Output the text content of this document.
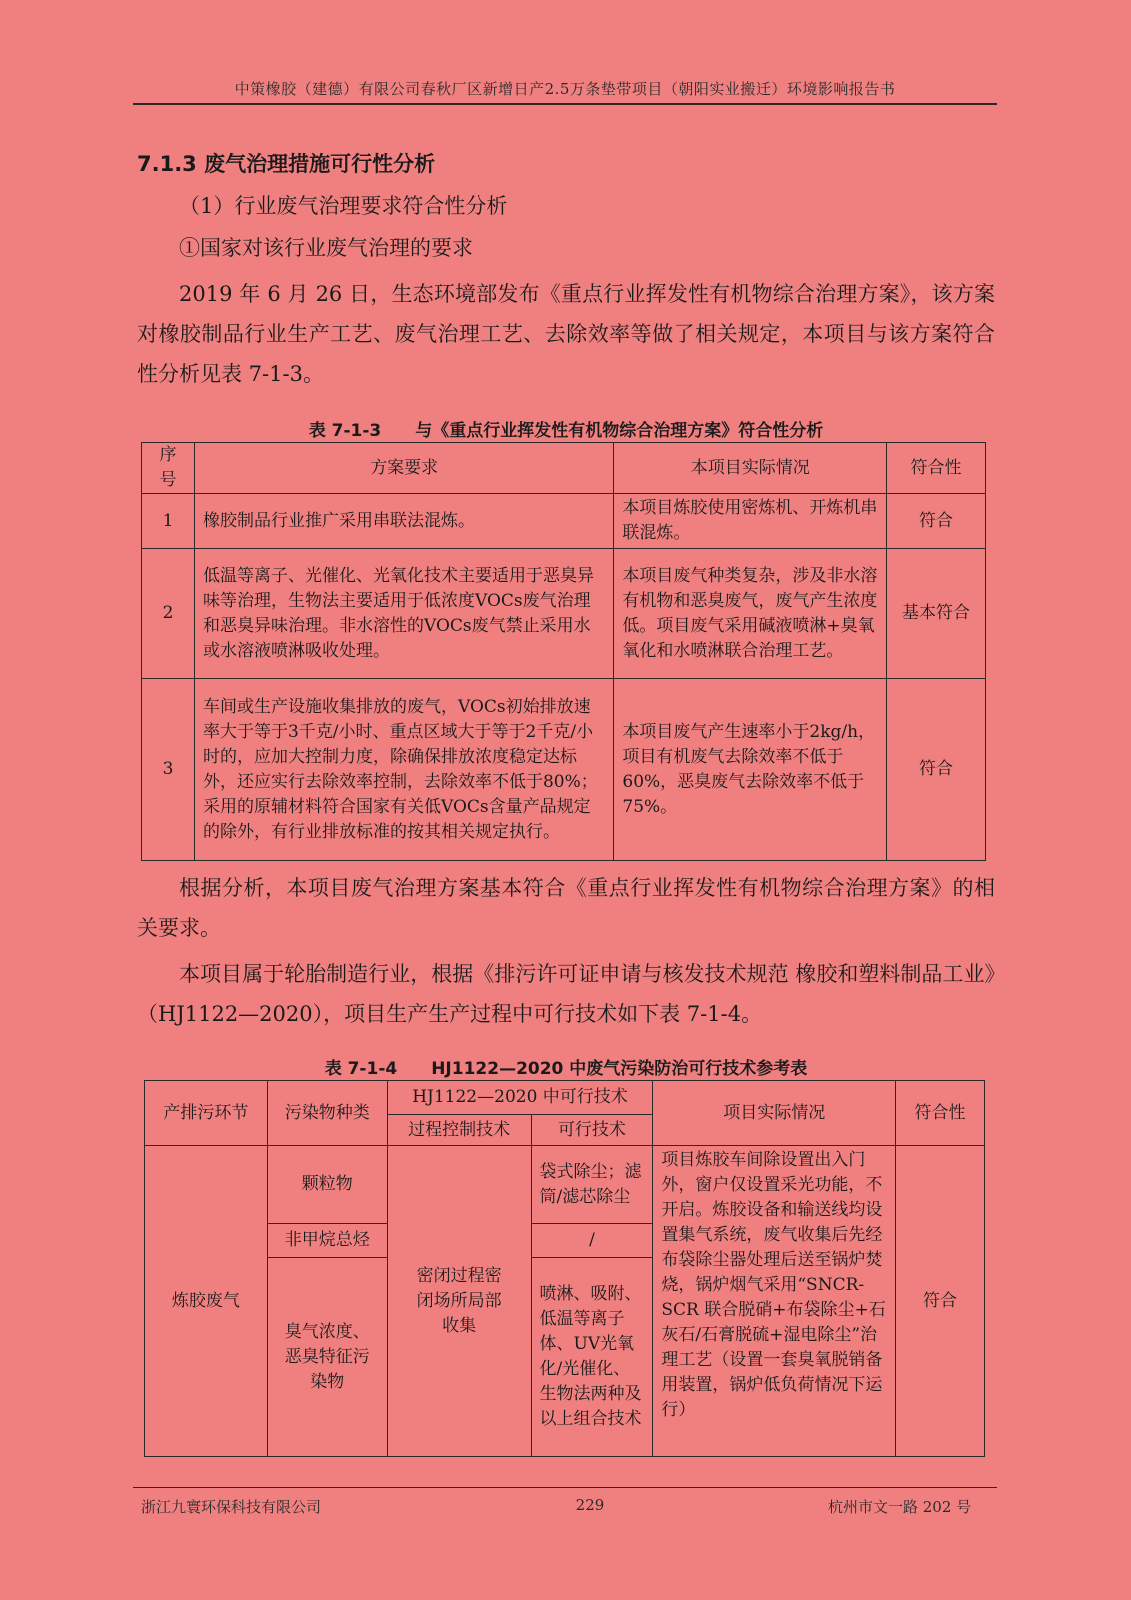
中策橡胶（建德）有限公司春秋厂区新增日产2.5万条垫带项目（朝阳实业搬迁）环境影响报告书
7.1.3 废气治理措施可行性分析
（1）行业废气治理要求符合性分析
①国家对该行业废气治理的要求
2019 年 6 月 26 日，生态环境部发布《重点行业挥发性有机物综合治理方案》，该方案对橡胶制品行业生产工艺、废气治理工艺、去除效率等做了相关规定，本项目与该方案符合性分析见表 7-1-3。
表 7-1-3　　与《重点行业挥发性有机物综合治理方案》符合性分析
序号	方案要求	本项目实际情况	符合性
1	橡胶制品行业推广采用串联法混炼。	本项目炼胶使用密炼机、开炼机串联混炼。	符合
2	低温等离子、光催化、光氧化技术主要适用于恶臭异味等治理，生物法主要适用于低浓度VOCs废气治理和恶臭异味治理。非水溶性的VOCs废气禁止采用水或水溶液喷淋吸收处理。	本项目废气种类复杂，涉及非水溶有机物和恶臭废气，废气产生浓度低。项目废气采用碱液喷淋+臭氧氧化和水喷淋联合治理工艺。	基本符合
3	车间或生产设施收集排放的废气，VOCs初始排放速率大于等于3千克/小时、重点区域大于等于2千克/小时的，应加大控制力度，除确保排放浓度稳定达标外，还应实行去除效率控制，去除效率不低于80%；采用的原辅材料符合国家有关低VOCs含量产品规定的除外，有行业排放标准的按其相关规定执行。	本项目废气产生速率小于2kg/h，项目有机废气去除效率不低于60%，恶臭废气去除效率不低于75%。	符合
根据分析，本项目废气治理方案基本符合《重点行业挥发性有机物综合治理方案》的相关要求。
本项目属于轮胎制造行业，根据《排污许可证申请与核发技术规范 橡胶和塑料制品工业》（HJ1122—2020），项目生产生产过程中可行技术如下表 7-1-4。
表 7-1-4　　HJ1122—2020 中废气污染防治可行技术参考表
产排污环节	污染物种类	HJ1122—2020 中可行技术		项目实际情况	符合性
		过程控制技术	可行技术		
炼胶废气	颗粒物	密闭过程密闭场所局部收集	袋式除尘；滤筒/滤芯除尘	项目炼胶车间除设置出入门外，窗户仅设置采光功能，不开启。炼胶设备和输送线均设置集气系统，废气收集后先经布袋除尘器处理后送至锅炉焚烧，锅炉烟气采用“SNCR-SCR 联合脱硝+布袋除尘+石灰石/石膏脱硫+湿电除尘”治理工艺（设置一套臭氧脱销备用装置，锅炉低负荷情况下运行）	符合
	非甲烷总烃		/		
	臭气浓度、恶臭特征污染物		喷淋、吸附、低温等离子体、UV光氧化/光催化、生物法两种及以上组合技术		
浙江九寰环保科技有限公司	229	杭州市文一路 202 号
